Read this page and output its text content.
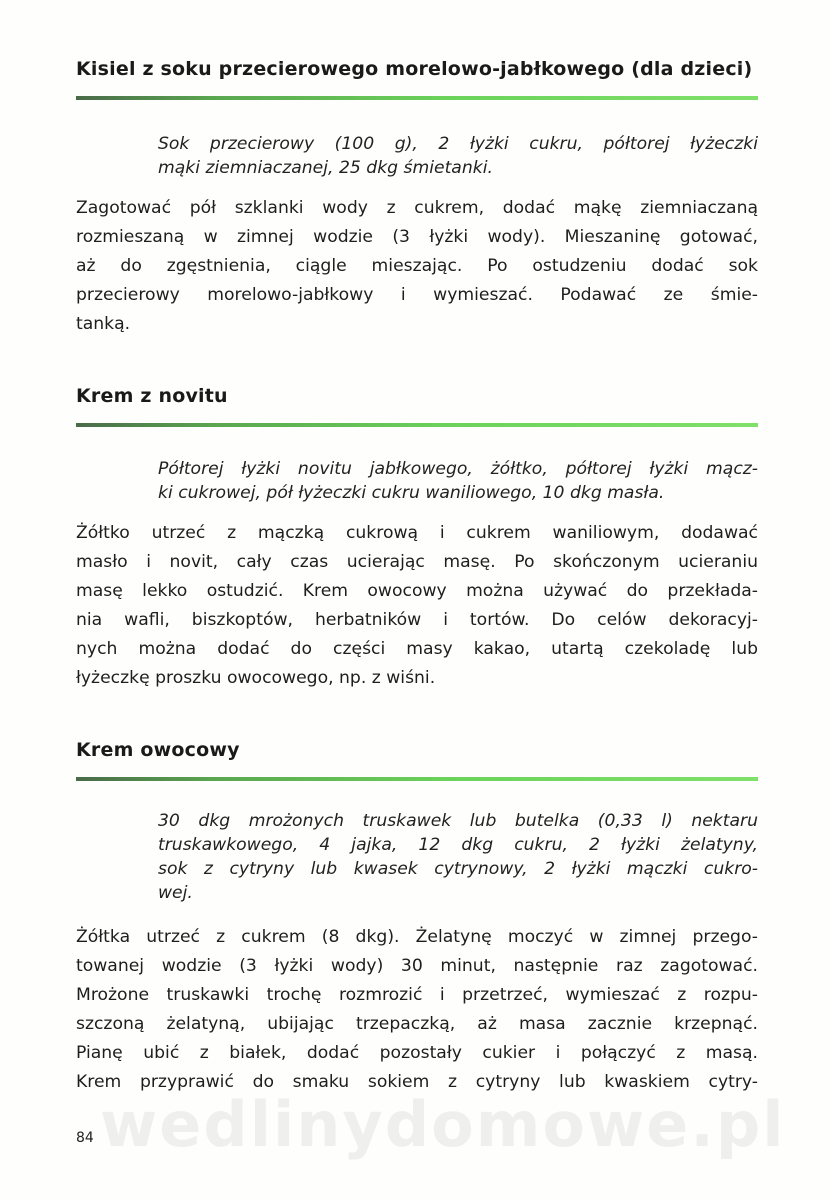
Kisiel z soku przecierowego morelowo-jabłkowego (dla dzieci)
Sok przecierowy (100 g), 2 łyżki cukru, półtorej łyżeczki
mąki ziemniaczanej, 25 dkg śmietanki.
Zagotować pół szklanki wody z cukrem, dodać mąkę ziemniaczaną
rozmieszaną w zimnej wodzie (3 łyżki wody). Mieszaninę gotować,
aż do zgęstnienia, ciągle mieszając. Po ostudzeniu dodać sok
przecierowy morelowo-jabłkowy i wymieszać. Podawać ze śmie-
tanką.
Krem z novitu
Półtorej łyżki novitu jabłkowego, żółtko, półtorej łyżki mącz-
ki cukrowej, pół łyżeczki cukru waniliowego, 10 dkg masła.
Żółtko utrzeć z mączką cukrową i cukrem waniliowym, dodawać
masło i novit, cały czas ucierając masę. Po skończonym ucieraniu
masę lekko ostudzić. Krem owocowy można używać do przekłada-
nia wafli, biszkoptów, herbatników i tortów. Do celów dekoracyj-
nych można dodać do części masy kakao, utartą czekoladę lub
łyżeczkę proszku owocowego, np. z wiśni.
Krem owocowy
30 dkg mrożonych truskawek lub butelka (0,33 l) nektaru
truskawkowego, 4 jajka, 12 dkg cukru, 2 łyżki żelatyny,
sok z cytryny lub kwasek cytrynowy, 2 łyżki mączki cukro-
wej.
Żółtka utrzeć z cukrem (8 dkg). Żelatynę moczyć w zimnej przego-
towanej wodzie (3 łyżki wody) 30 minut, następnie raz zagotować.
Mrożone truskawki trochę rozmrozić i przetrzeć, wymieszać z rozpu-
szczoną żelatyną, ubijając trzepaczką, aż masa zacznie krzepnąć.
Pianę ubić z białek, dodać pozostały cukier i połączyć z masą.
Krem przyprawić do smaku sokiem z cytryny lub kwaskiem cytry-
wedlinydomowe.pl
84
